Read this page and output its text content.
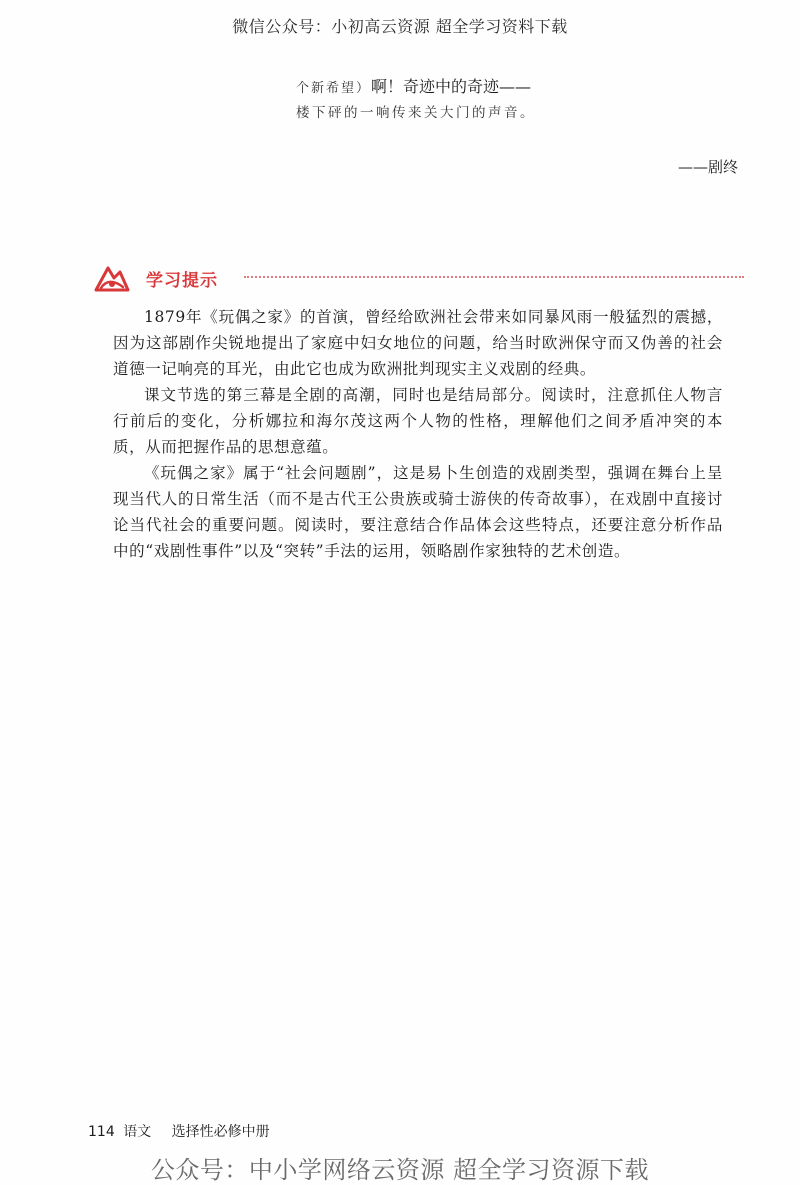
微信公众号：小初高云资源 超全学习资料下载
个新希望）啊！奇迹中的奇迹——
楼下砰的一响传来关大门的声音。
——剧终
学习提示

1879年《玩偶之家》的首演，曾经给欧洲社会带来如同暴风雨一般猛烈的震撼，因为这部剧作尖锐地提出了家庭中妇女地位的问题，给当时欧洲保守而又伪善的社会道德一记响亮的耳光，由此它也成为欧洲批判现实主义戏剧的经典。

课文节选的第三幕是全剧的高潮，同时也是结局部分。阅读时，注意抓住人物言行前后的变化，分析娜拉和海尔茂这两个人物的性格，理解他们之间矛盾冲突的本质，从而把握作品的思想意蕴。

《玩偶之家》属于“社会问题剧”，这是易卜生创造的戏剧类型，强调在舞台上呈现当代人的日常生活（而不是古代王公贵族或骑士游侠的传奇故事），在戏剧中直接讨论当代社会的重要问题。阅读时，要注意结合作品体会这些特点，还要注意分析作品中的“戏剧性事件”以及“突转”手法的运用，领略剧作家独特的艺术创造。

114 语文 选择性必修中册
公众号：中小学网络云资源 超全学习资源下载
